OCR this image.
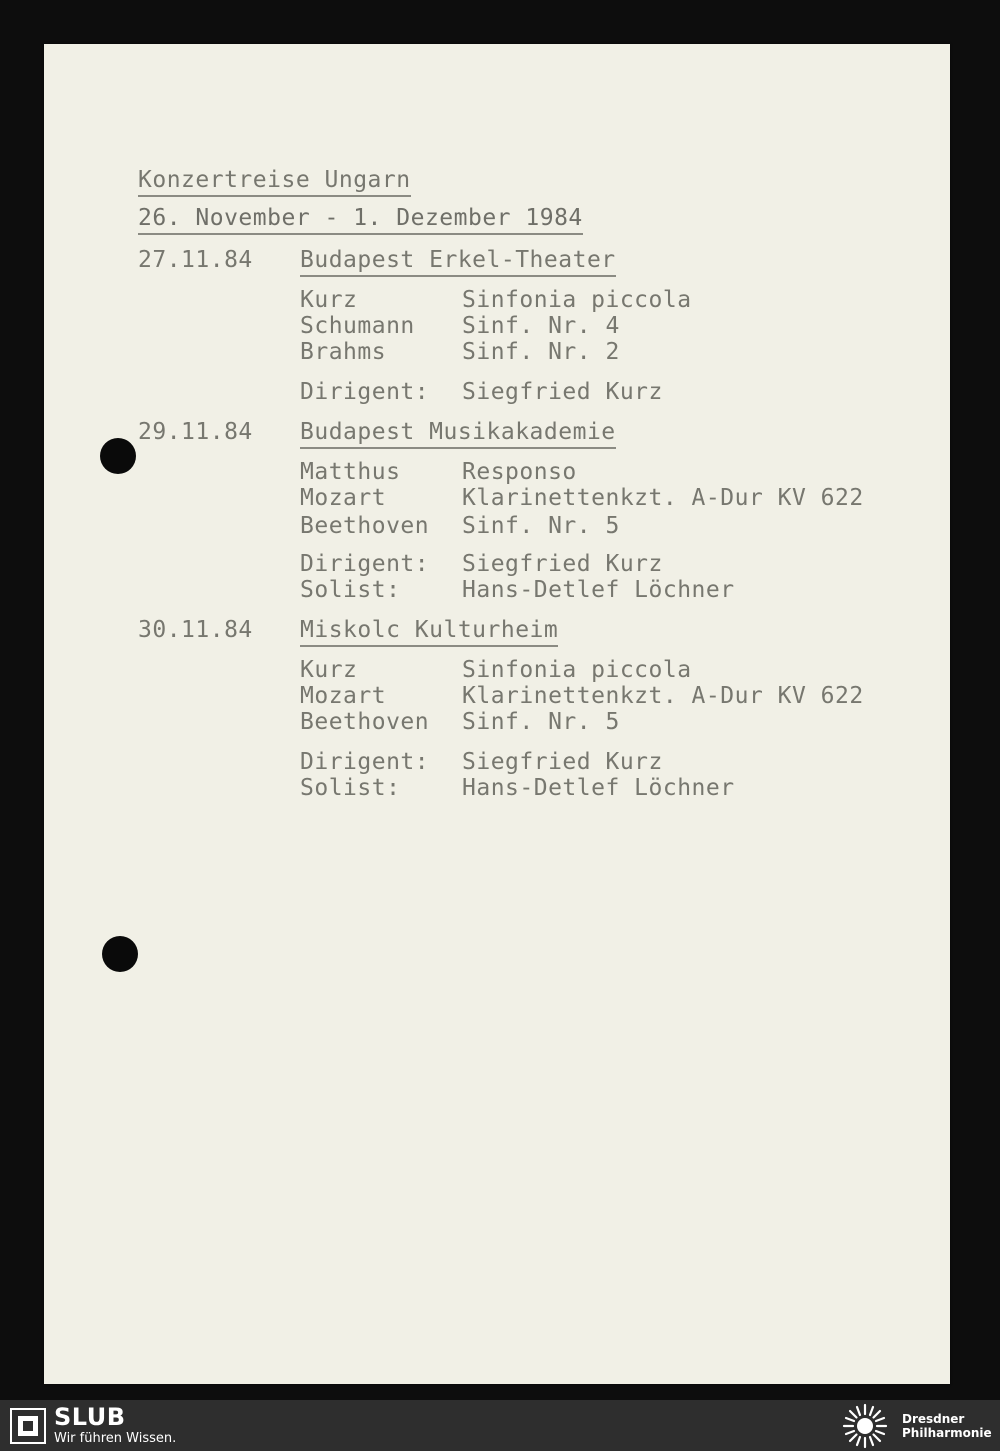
Konzertreise Ungarn
26. November - 1. Dezember 1984
27.11.84 Budapest Erkel-Theater
Kurz	Sinfonia piccola
Schumann Sinf. Nr. 4
Brahms	Sinf. Nr. 2
Dirigent: Siegfried Kurz
29.11.84 Budapest Musikakademie
Matthus	Responso
Mozart	Klarinettenkzt. A-Dur KV 622
Beethoven Sinf. Nr. 5
Dirigent: Siegfried Kurz
Solist:	Hans-Detlef Löchner
30.11.84 Miskolc Kulturheim
Kurz	Sinfonia piccola
Mozart	Klarinettenkzt. A-Dur KV 622
Beethoven Sinf. Nr. 5
Dirigent: Siegfried Kurz
Solist:	Hans-Detlef Löchner
SLUB
Wir führen Wissen.
Dresdner
Philharmonie
